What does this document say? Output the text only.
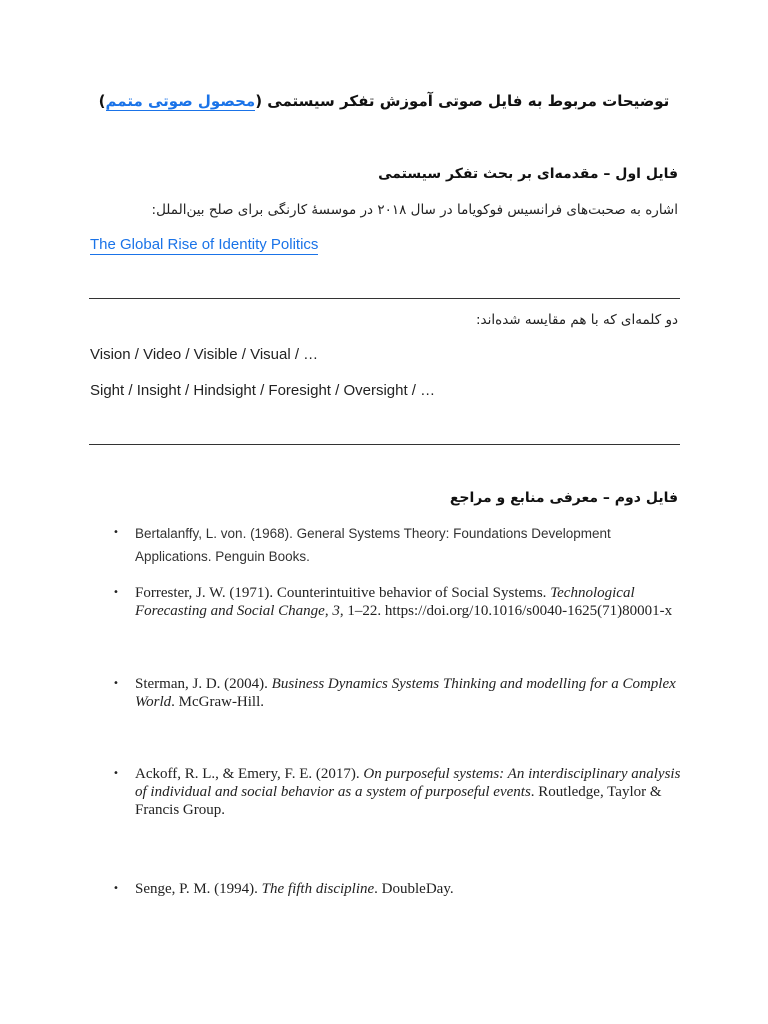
توضیحات مربوط به فایل صوتی آموزش تفکر سیستمی (محصول صوتی متمم)
فایل اول – مقدمه‌ای بر بحث تفکر سیستمی
اشاره به صحبت‌های فرانسیس فوکویاما در سال ۲۰۱۸ در موسسهٔ کارنگی برای صلح بین‌الملل:
The Global Rise of Identity Politics
دو کلمه‌ای که با هم مقایسه شده‌اند:
Vision / Video / Visible / Visual / …
Sight / Insight / Hindsight / Foresight / Oversight / …
فایل دوم – معرفی منابع و مراجع
• Bertalanffy, L. von. (1968). General Systems Theory: Foundations Development Applications. Penguin Books.
• Forrester, J. W. (1971). Counterintuitive behavior of Social Systems. Technological Forecasting and Social Change, 3, 1–22. https://doi.org/10.1016/s0040-1625(71)80001-x
• Sterman, J. D. (2004). Business Dynamics Systems Thinking and modelling for a Complex World. McGraw-Hill.
• Ackoff, R. L., & Emery, F. E. (2017). On purposeful systems: An interdisciplinary analysis of individual and social behavior as a system of purposeful events. Routledge, Taylor & Francis Group.
• Senge, P. M. (1994). The fifth discipline. DoubleDay.
